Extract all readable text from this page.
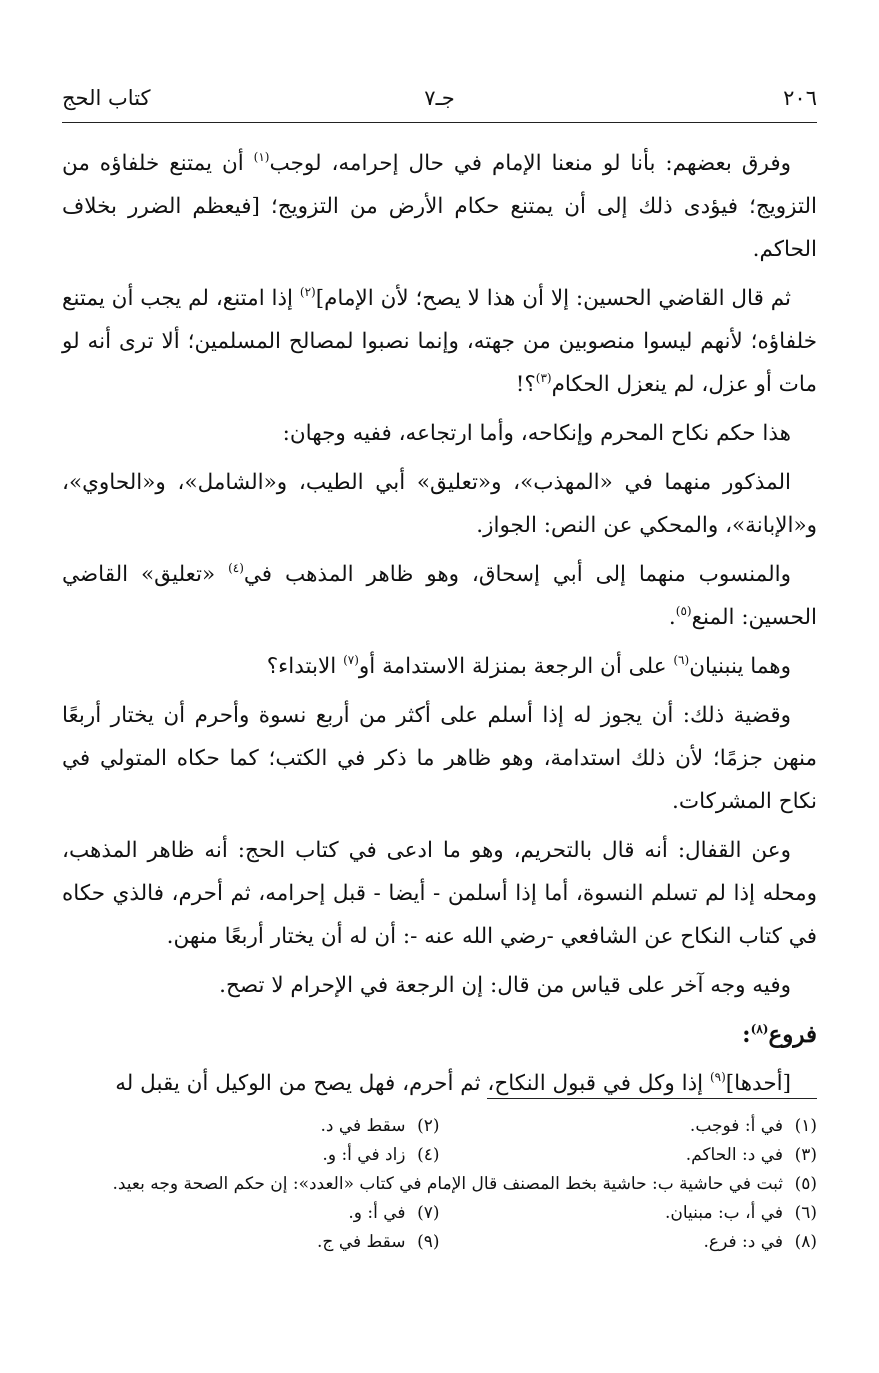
٢٠٦
جـ٧
كتاب الحج

وفرق بعضهم: بأنا لو منعنا الإمام في حال إحرامه، لوجب$^{(١)}$ أن يمتنع خلفاؤه من التزويج؛ فيؤدى ذلك إلى أن يمتنع حكام الأرض من التزويج؛ [فيعظم الضرر بخلاف الحاكم.

ثم قال القاضي الحسين: إلا أن هذا لا يصح؛ لأن الإمام]$^{(٢)}$ إذا امتنع، لم يجب أن يمتنع خلفاؤه؛ لأنهم ليسوا منصوبين من جهته، وإنما نصبوا لمصالح المسلمين؛ ألا ترى أنه لو مات أو عزل، لم ينعزل الحكام$^{(٣)}$؟!

هذا حكم نكاح المحرم وإنكاحه، وأما ارتجاعه، ففيه وجهان:

المذكور منهما في «المهذب»، و«تعليق» أبي الطيب، و«الشامل»، و«الحاوي»، و«الإبانة»، والمحكي عن النص: الجواز.

والمنسوب منهما إلى أبي إسحاق، وهو ظاهر المذهب في$^{(٤)}$ «تعليق» القاضي الحسين: المنع$^{(٥)}$.

وهما ينبنيان$^{(٦)}$ على أن الرجعة بمنزلة الاستدامة أو$^{(٧)}$ الابتداء؟

وقضية ذلك: أن يجوز له إذا أسلم على أكثر من أربع نسوة وأحرم أن يختار أربعًا منهن جزمًا؛ لأن ذلك استدامة، وهو ظاهر ما ذكر في الكتب؛ كما حكاه المتولي في نكاح المشركات.

وعن القفال: أنه قال بالتحريم، وهو ما ادعى في كتاب الحج: أنه ظاهر المذهب، ومحله إذا لم تسلم النسوة، أما إذا أسلمن - أيضا - قبل إحرامه، ثم أحرم، فالذي حكاه في كتاب النكاح عن الشافعي -رضي الله عنه -: أن له أن يختار أربعًا منهن.

وفيه وجه آخر على قياس من قال: إن الرجعة في الإحرام لا تصح.

فروع$^{(٨)}$:

[أحدها]$^{(٩)}$ إذا وكل في قبول النكاح، ثم أحرم، فهل يصح من الوكيل أن يقبل له

(١)في أ: فوجب.
(٢)سقط في د.
(٣)في د: الحاكم.
(٤)زاد في أ: و.
(٥)ثبت في حاشية ب: حاشية بخط المصنف قال الإمام في كتاب «العدد»: إن حكم الصحة وجه بعيد.
(٦)في أ، ب: مبنيان.
(٧)في أ: و.
(٨)في د: فرع.
(٩)سقط في ج.
